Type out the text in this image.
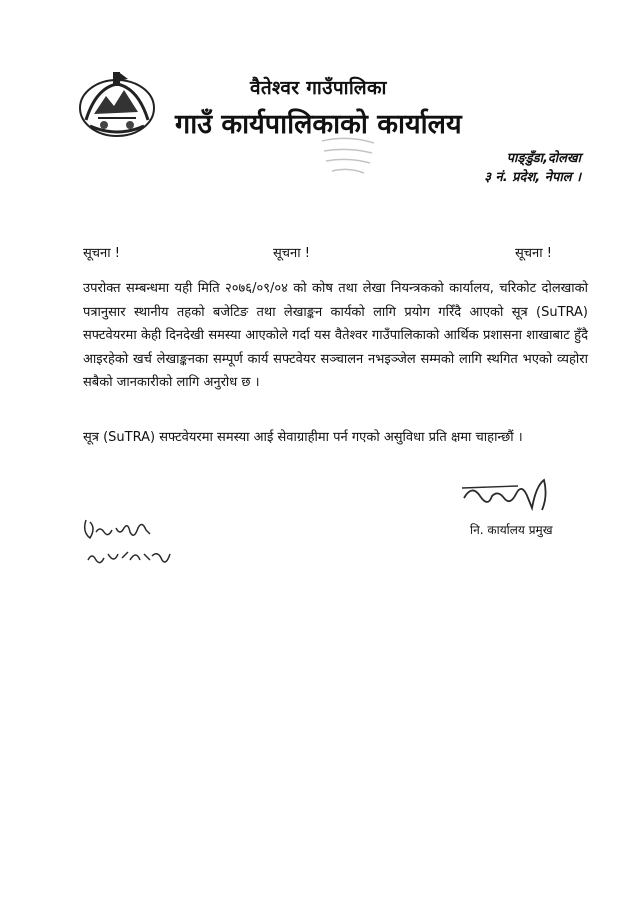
वैतेश्वर गाउँपालिका
गाउँ कार्यपालिकाको कार्यालय
पाङ्डुँडा,दोलखा
३ नं. प्रदेश, नेपाल ।
सूचना !	सूचना !	सूचना !
उपरोक्त सम्बन्धमा यही मिति २०७६/०९/०४ को कोष तथा लेखा नियन्त्रकको कार्यालय, चरिकोट दोलखाको पत्रानुसार स्थानीय तहको बजेटिङ तथा लेखाङ्कन कार्यको लागि प्रयोग गरिँदै आएको सूत्र (SuTRA) सफ्टवेयरमा केही दिनदेखी समस्या आएकोले गर्दा यस वैतेश्वर गाउँपालिकाको आर्थिक प्रशासना शाखाबाट हुँदै आइरहेको खर्च लेखाङ्कनका सम्पूर्ण कार्य सफ्टवेयर सञ्चालन नभइञ्जेल सम्मको लागि स्थगित भएको व्यहोरा सबैको जानकारीको लागि अनुरोध छ ।
सूत्र (SuTRA) सफ्टवेयरमा समस्या आई सेवाग्राहीमा पर्न गएको असुविधा प्रति क्षमा चाहान्छौं ।
नि. कार्यालय प्रमुख
